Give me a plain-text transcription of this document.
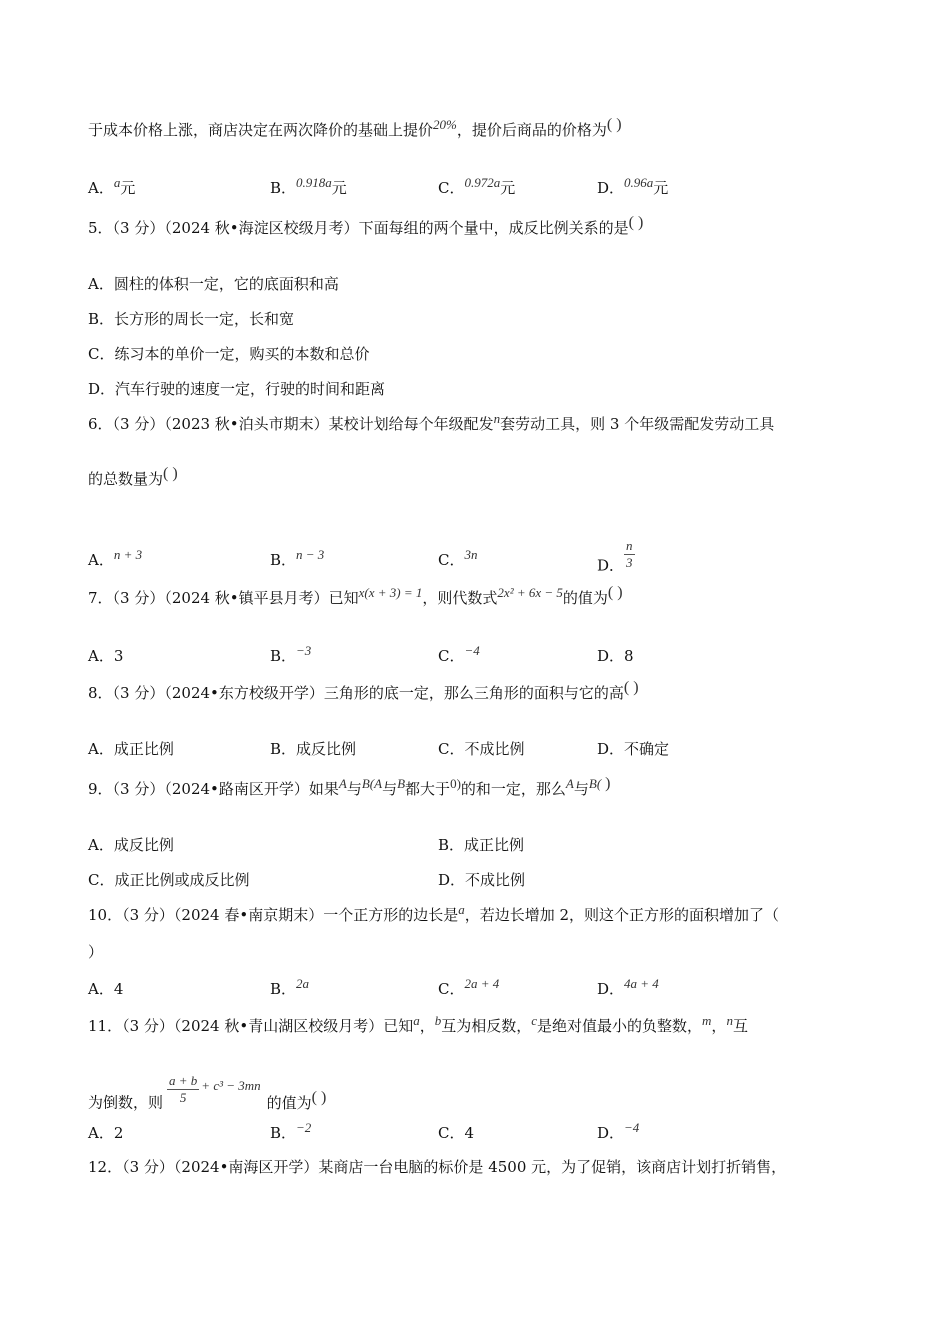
于成本价格上涨，商店决定在两次降价的基础上提价20%，提价后商品的价格为( )
A．a元	B．0.918a元	C．0.972a元	D．0.96a元
5．（3 分）（2024 秋•海淀区校级月考）下面每组的两个量中，成反比例关系的是( )
A．圆柱的体积一定，它的底面积和高
B．长方形的周长一定，长和宽
C．练习本的单价一定，购买的本数和总价
D．汽车行驶的速度一定，行驶的时间和距离
6．（3 分）（2023 秋•泊头市期末）某校计划给每个年级配发n套劳动工具，则 3 个年级需配发劳动工具
的总数量为( )
A．n + 3	B．n − 3	C．3n
D． $\frac{n}{3}$
7．（3 分）（2024 秋•镇平县月考）已知x(x + 3) = 1，则代数式2x² + 6x − 5的值为( )
A．3	B．−3	C．−4	D．8
8．（3 分）（2024•东方校级开学）三角形的底一定，那么三角形的面积与它的高( )
A．成正比例	B．成反比例	C．不成比例	D．不确定
9．（3 分）（2024•路南区开学）如果A与B(A与B都大于0)的和一定，那么A与B( )
A．成反比例	B．成正比例
C．成正比例或成反比例	D．不成比例
10．（3 分）（2024 春•南京期末）一个正方形的边长是a，若边长增加 2，则这个正方形的面积增加了（
）
A．4	B．2a	C．2a + 4	D．4a + 4
11．（3 分）（2024 秋•青山湖区校级月考）已知a，b互为相反数，c是绝对值最小的负整数，m，n互
为倒数，则 $\frac{a + b}{5} + c^3 - 3mn$的值为( )
A．2	B．−2	C．4	D．−4
12．（3 分）（2024•南海区开学）某商店一台电脑的标价是 4500 元，为了促销，该商店计划打折销售，
